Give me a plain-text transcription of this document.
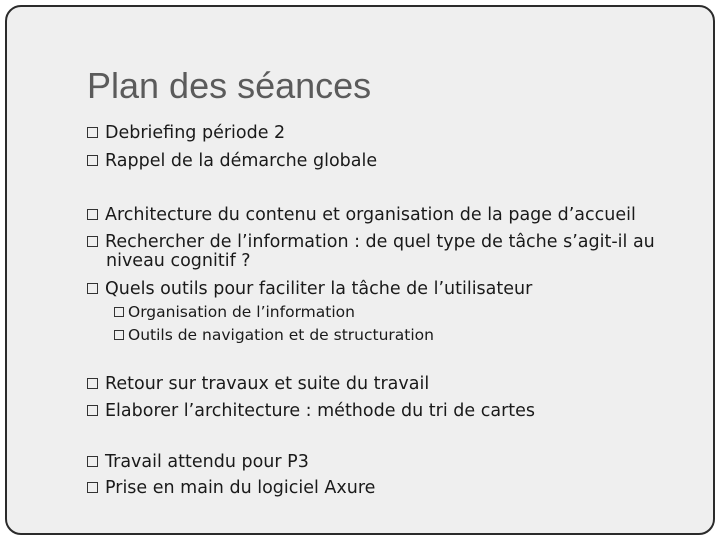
Plan des séances
Debriefing période 2
Rappel de la démarche globale
Architecture du contenu et organisation de la page d’accueil
Rechercher de l’information : de quel type de tâche s’agit-il au
niveau cognitif ?
Quels outils pour faciliter la tâche de l’utilisateur
Organisation de l’information
Outils de navigation et de structuration
Retour sur travaux et suite du travail
Elaborer l’architecture : méthode du tri de cartes
Travail attendu pour P3
Prise en main du logiciel Axure
